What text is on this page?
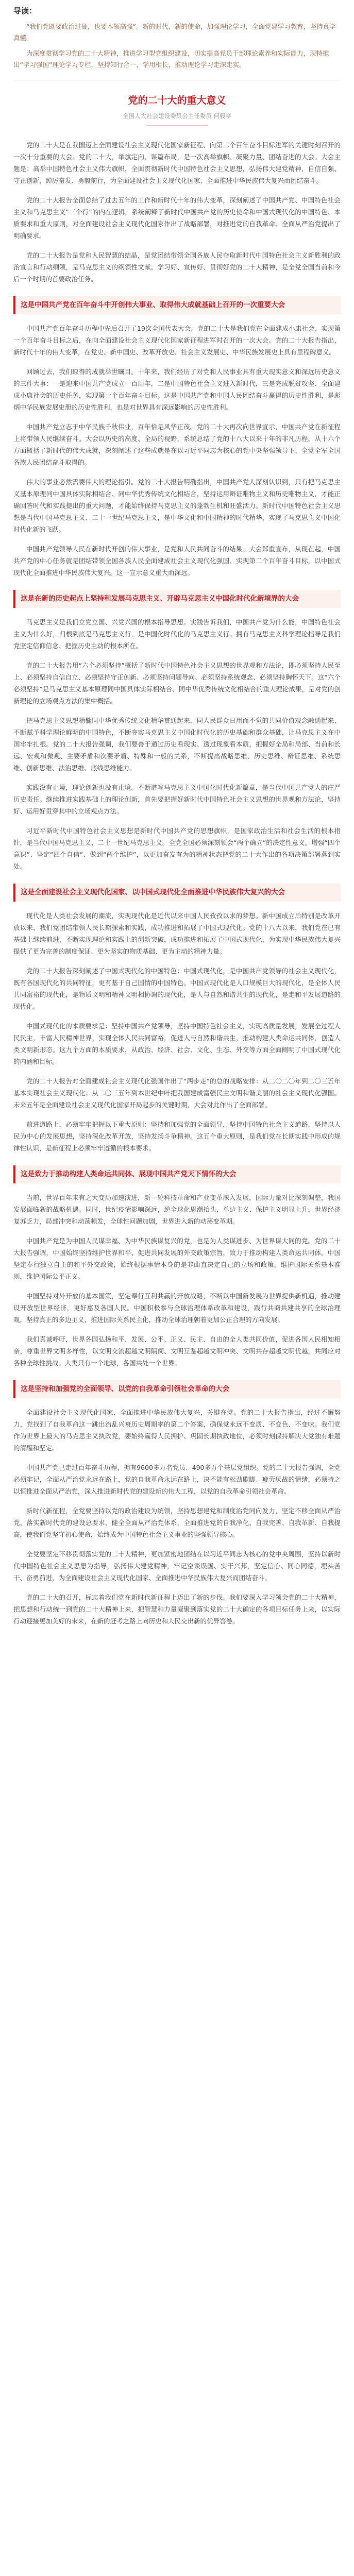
导读：

“我们党既要政治过硬，也要本领高强”。新的时代，新的使命，加强理论学习，全面党建学习教育，坚持真学真懂。

为深度贯彻学习党的二十大精神，推进学习型党组织建设，切实提高党员干部理论素养和实际能力，现特推出“学习强国”理论学习专栏，坚持知行合一、学用相长，推动理论学习走深走实。

党的二十大的重大意义

全国人大社会建设委员会主任委员 何毅亭

党的二十大是在我国迈上全面建设社会主义现代化国家新征程、向第二个百年奋斗目标进军的关键时刻召开的一次十分重要的大会。党的二十大，举旗定向、谋篇布局，是一次高举旗帜、凝聚力量、团结奋进的大会。大会主题是：高举中国特色社会主义伟大旗帜，全面贯彻新时代中国特色社会主义思想，弘扬伟大建党精神，自信自强、守正创新，踔厉奋发、勇毅前行，为全面建设社会主义现代化国家、全面推进中华民族伟大复兴而团结奋斗。

党的二十大报告全面总结了过去五年的工作和新时代十年的伟大变革，深刻阐述了中国共产党、中国特色社会主义和马克思主义“三个行”的内在逻辑，系统阐释了新时代中国共产党的历史使命和中国式现代化的中国特色、本质要求和重大原则，对全面建设社会主义现代化国家作出了战略部署，对推进党的自我革命、全面从严治党提出了明确要求。

党的二十大报告是党和人民智慧的结晶，是党团结带领全国各族人民夺取新时代中国特色社会主义新胜利的政治宣言和行动纲领，是马克思主义的纲领性文献。学习好、宣传好、贯彻好党的二十大精神，是全党全国当前和今后一个时期的首要政治任务。

这是中国共产党在百年奋斗中开创伟大事业、取得伟大成就基础上召开的一次重要大会

中国共产党百年奋斗历程中先后召开了19次全国代表大会。党的二十大是我们党在全面建成小康社会、实现第一个百年奋斗目标之后，在向全面建设社会主义现代化国家新征程进军时召开的一次大会。党的二十大报告指出，新时代十年的伟大变革，在党史、新中国史、改革开放史、社会主义发展史、中华民族发展史上具有里程碑意义。

回顾过去，我们取得的成就举世瞩目。十年来，我们经历了对党和人民事业具有重大现实意义和深远历史意义的三件大事：一是迎来中国共产党成立一百周年，二是中国特色社会主义进入新时代，三是完成脱贫攻坚、全面建成小康社会的历史任务，实现第一个百年奋斗目标。这是中国共产党和中国人民团结奋斗赢得的历史性胜利，是彪炳中华民族发展史册的历史性胜利，也是对世界具有深远影响的历史性胜利。

中国共产党立志于中华民族千秋伟业，百年恰是风华正茂。党的二十大再次向世界宣示，中国共产党在新征程上将带领人民继续奋斗。大会以历史的高度、全局的视野，系统总结了党的十八大以来十年的非凡历程，从十六个方面概括了新时代的伟大成就，深刻阐述了这些成就是在以习近平同志为核心的党中央坚强领导下、全党全军全国各族人民团结奋斗取得的。

伟大的事业必然需要伟大的理论指引。党的二十大报告明确指出，中国共产党人深刻认识到，只有把马克思主义基本原理同中国具体实际相结合、同中华优秀传统文化相结合，坚持运用辩证唯物主义和历史唯物主义，才能正确回答时代和实践提出的重大问题，才能始终保持马克思主义的蓬勃生机和旺盛活力。新时代中国特色社会主义思想是当代中国马克思主义、二十一世纪马克思主义，是中华文化和中国精神的时代精华，实现了马克思主义中国化时代化新的飞跃。

中国共产党领导人民在新时代开创的伟大事业，是党和人民共同奋斗的结果。大会郑重宣布，从现在起，中国共产党的中心任务就是团结带领全国各族人民全面建成社会主义现代化强国、实现第二个百年奋斗目标，以中国式现代化全面推进中华民族伟大复兴。这一宣示意义重大而深远。

这是在新的历史起点上坚持和发展马克思主义、开辟马克思主义中国化时代化新境界的大会

马克思主义是我们立党立国、兴党兴国的根本指导思想。实践告诉我们，中国共产党为什么能，中国特色社会主义为什么好，归根到底是马克思主义行，是中国化时代化的马克思主义行。拥有马克思主义科学理论指导是我们党坚定信仰信念、把握历史主动的根本所在。

党的二十大报告用“六个必须坚持”概括了新时代中国特色社会主义思想的世界观和方法论，即必须坚持人民至上、必须坚持自信自立、必须坚持守正创新、必须坚持问题导向、必须坚持系统观念、必须坚持胸怀天下。这“六个必须坚持”是马克思主义基本原理同中国具体实际相结合、同中华优秀传统文化相结合的重大理论成果，是对党的创新理论的立场观点方法的集中概括。

把马克思主义思想精髓同中华优秀传统文化精华贯通起来，同人民群众日用而不觉的共同价值观念融通起来，不断赋予科学理论鲜明的中国特色，不断夯实马克思主义中国化时代化的历史基础和群众基础，让马克思主义在中国牢牢扎根。党的二十大报告强调，我们要善于通过历史看现实、透过现象看本质，把握好全局和局部、当前和长远、宏观和微观、主要矛盾和次要矛盾、特殊和一般的关系，不断提高战略思维、历史思维、辩证思维、系统思维、创新思维、法治思维、底线思维能力。

实践没有止境，理论创新也没有止境。不断谱写马克思主义中国化时代化新篇章，是当代中国共产党人的庄严历史责任。继续推进实践基础上的理论创新，首先要把握好新时代中国特色社会主义思想的世界观和方法论，坚持好、运用好贯穿其中的立场观点方法。

习近平新时代中国特色社会主义思想是新时代中国共产党的思想旗帜，是国家政治生活和社会生活的根本指针，是当代中国马克思主义、二十一世纪马克思主义。全党全国必须深刻领会“两个确立”的决定性意义，增强“四个意识”、坚定“四个自信”、做到“两个维护”，以更加奋发有为的精神状态把党的二十大作出的各项决策部署落到实处。

这是全面建设社会主义现代化国家、以中国式现代化全面推进中华民族伟大复兴的大会

现代化是人类社会发展的潮流，实现现代化是近代以来中国人民孜孜以求的梦想。新中国成立后特别是改革开放以来，我们党团结带领人民长期探索和实践，成功推进和拓展了中国式现代化。党的十八大以来，我们党在已有基础上继续前进，不断实现理论和实践上的创新突破，成功推进和拓展了中国式现代化，为实现中华民族伟大复兴提供了更为完善的制度保证、更为坚实的物质基础、更为主动的精神力量。

党的二十大报告深刻阐述了中国式现代化的中国特色：中国式现代化，是中国共产党领导的社会主义现代化，既有各国现代化的共同特征，更有基于自己国情的中国特色。中国式现代化是人口规模巨大的现代化，是全体人民共同富裕的现代化，是物质文明和精神文明相协调的现代化，是人与自然和谐共生的现代化，是走和平发展道路的现代化。

中国式现代化的本质要求是：坚持中国共产党领导，坚持中国特色社会主义，实现高质量发展，发展全过程人民民主，丰富人民精神世界，实现全体人民共同富裕，促进人与自然和谐共生，推动构建人类命运共同体，创造人类文明新形态。这九个方面的本质要求，从政治、经济、社会、文化、生态、外交等方面全面阐明了中国式现代化的内涵和目标。

党的二十大报告对全面建成社会主义现代化强国作出了“两步走”的总的战略安排：从二〇二〇年到二〇三五年基本实现社会主义现代化；从二〇三五年到本世纪中叶把我国建成富强民主文明和谐美丽的社会主义现代化强国。未来五年是全面建设社会主义现代化国家开局起步的关键时期，大会对此作出了全面部署。

前进道路上，必须牢牢把握以下重大原则：坚持和加强党的全面领导，坚持中国特色社会主义道路，坚持以人民为中心的发展思想，坚持深化改革开放，坚持发扬斗争精神。这五个重大原则，是我们党在长期实践中形成的规律性认识，是新征程上必须牢牢遵循的根本要求。

这是致力于推动构建人类命运共同体、展现中国共产党天下情怀的大会

当前，世界百年未有之大变局加速演进，新一轮科技革命和产业变革深入发展，国际力量对比深刻调整，我国发展面临新的战略机遇。同时，世纪疫情影响深远，逆全球化思潮抬头，单边主义、保护主义明显上升，世界经济复苏乏力，局部冲突和动荡频发，全球性问题加剧，世界进入新的动荡变革期。

中国共产党是为中国人民谋幸福、为中华民族谋复兴的党，也是为人类谋进步、为世界谋大同的党。党的二十大报告强调，中国始终坚持维护世界和平、促进共同发展的外交政策宗旨，致力于推动构建人类命运共同体。中国坚定奉行独立自主的和平外交政策，始终根据事情本身的是非曲直决定自己的立场和政策，维护国际关系基本准则，维护国际公平正义。

中国坚持对外开放的基本国策，坚定奉行互利共赢的开放战略，不断以中国新发展为世界提供新机遇，推动建设开放型世界经济，更好惠及各国人民。中国积极参与全球治理体系改革和建设，践行共商共建共享的全球治理观，坚持真正的多边主义，推进国际关系民主化，推动全球治理朝着更加公正合理的方向发展。

我们真诚呼吁，世界各国弘扬和平、发展、公平、正义、民主、自由的全人类共同价值，促进各国人民相知相亲，尊重世界文明多样性，以文明交流超越文明隔阂、文明互鉴超越文明冲突、文明共存超越文明优越，共同应对各种全球性挑战。人类只有一个地球，各国共处一个世界。

这是坚持和加强党的全面领导、以党的自我革命引领社会革命的大会

全面建设社会主义现代化国家、全面推进中华民族伟大复兴，关键在党。党的二十大报告指出，经过不懈努力，党找到了自我革命这一跳出治乱兴衰历史周期率的第二个答案，确保党永远不变质、不变色、不变味。我们党作为世界上最大的马克思主义执政党，要始终赢得人民拥护、巩固长期执政地位，必须时刻保持解决大党独有难题的清醒和坚定。

中国共产党已走过百年奋斗历程，拥有9600多万名党员、490多万个基层党组织。党的二十大报告强调，全党必须牢记，全面从严治党永远在路上，党的自我革命永远在路上，决不能有松劲歇脚、疲劳厌战的情绪，必须持之以恒推进全面从严治党，深入推进新时代党的建设新的伟大工程，以党的自我革命引领社会革命。

新时代新征程，全党要坚持以党的政治建设为统领，坚持思想建党和制度治党同向发力，坚定不移全面从严治党，落实新时代党的建设总要求，健全全面从严治党体系，全面推进党的自我净化、自我完善、自我革新、自我提高，使我们党坚守初心使命，始终成为中国特色社会主义事业的坚强领导核心。

全党要坚定不移贯彻落实党的二十大精神，更加紧密地团结在以习近平同志为核心的党中央周围，坚持以新时代中国特色社会主义思想为指导，弘扬伟大建党精神，牢记空谈误国、实干兴邦，坚定信心、同心同德，埋头苦干、奋勇前进，为全面建设社会主义现代化国家、全面推进中华民族伟大复兴而团结奋斗。

党的二十大的召开，标志着我们党在新时代新征程上迈出了新的步伐。我们要深入学习领会党的二十大精神，把思想和行动统一到党的二十大精神上来，把智慧和力量凝聚到落实党的二十大确定的各项目标任务上来，以实际行动迎接更加美好的未来，在新的赶考之路上向历史和人民交出新的优异答卷。
